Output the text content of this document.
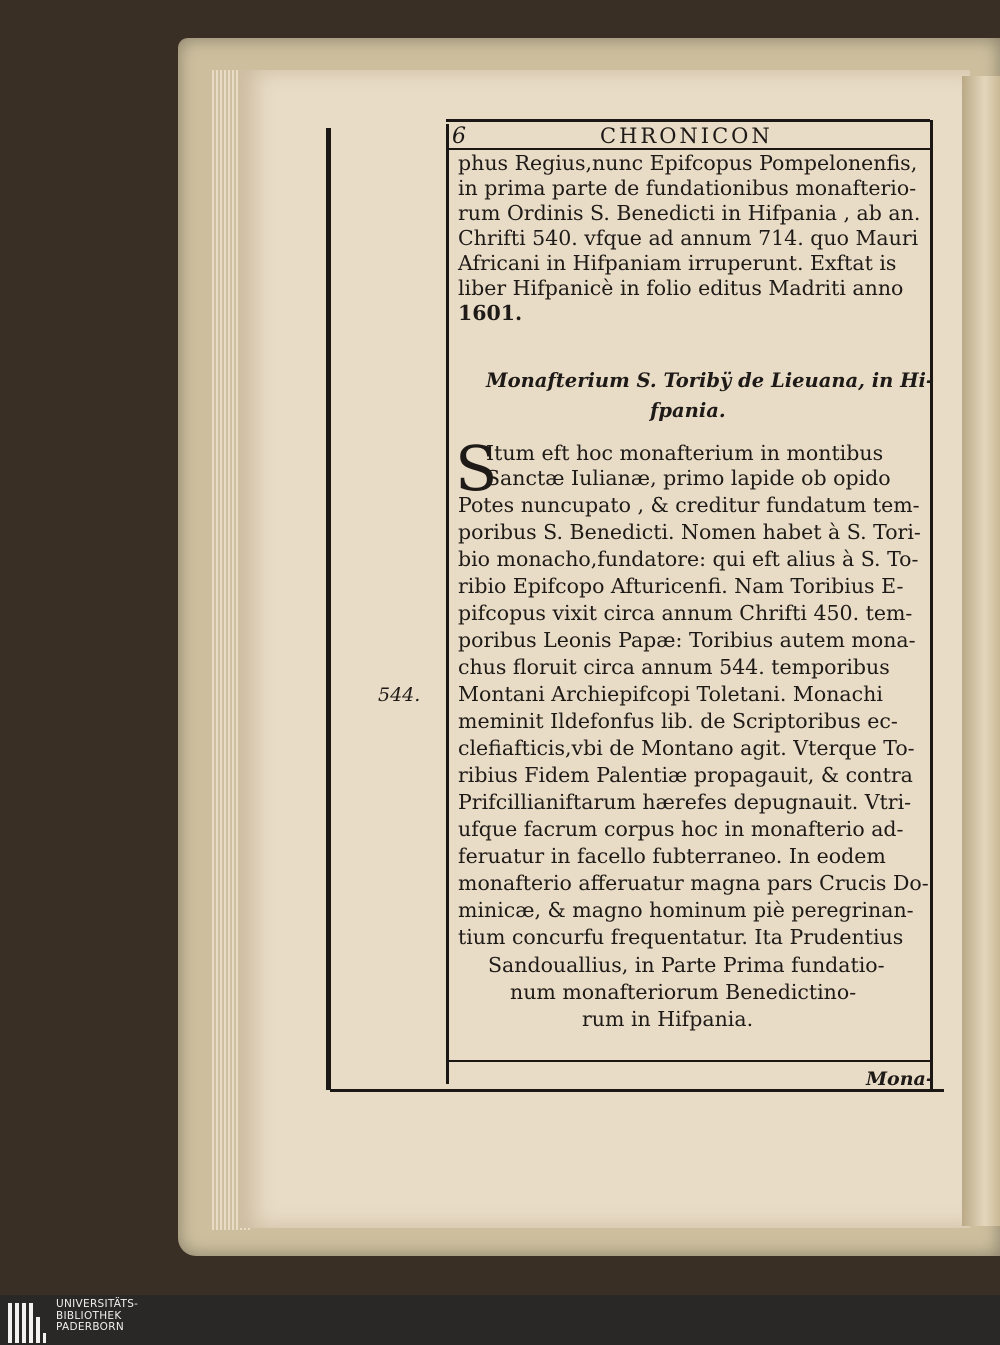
6	CHRONICON
phus Regius,nunc Epifcopus Pompelonenfis,
in prima parte de fundationibus monafterio-
rum Ordinis S. Benedicti in Hifpania , ab an.
Chrifti 540. vfque ad annum 714. quo Mauri
Africani in Hifpaniam irruperunt. Exftat is
liber Hifpanicè in folio editus Madriti anno
1601.
Monafterium S. Toribÿ de Lieuana, in Hi-
fpania.
S
Itum eft hoc monafterium in montibus
Sanctæ Iulianæ, primo lapide ob opido
Potes nuncupato , & creditur fundatum tem-
poribus S. Benedicti. Nomen habet à S. Tori-
bio monacho,fundatore: qui eft alius à S. To-
ribio Epifcopo Afturicenfi. Nam Toribius E-
pifcopus vixit circa annum Chrifti 450. tem-
poribus Leonis Papæ: Toribius autem mona-
chus floruit circa annum 544. temporibus
Montani Archiepifcopi Toletani. Monachi
meminit Ildefonfus lib. de Scriptoribus ec-
clefiafticis,vbi de Montano agit. Vterque To-
ribius Fidem Palentiæ propagauit, & contra
Prifcillianiftarum hærefes depugnauit. Vtri-
ufque facrum corpus hoc in monafterio ad-
feruatur in facello fubterraneo. In eodem
monafterio afferuatur magna pars Crucis Do-
minicæ, & magno hominum piè peregrinan-
tium concurfu frequentatur. Ita Prudentius
Sandouallius, in Parte Prima fundatio-
num monafteriorum Benedictino-
rum in Hifpania.
544.
Mona-
UNIVERSITÄTS-
BIBLIOTHEK
PADERBORN
